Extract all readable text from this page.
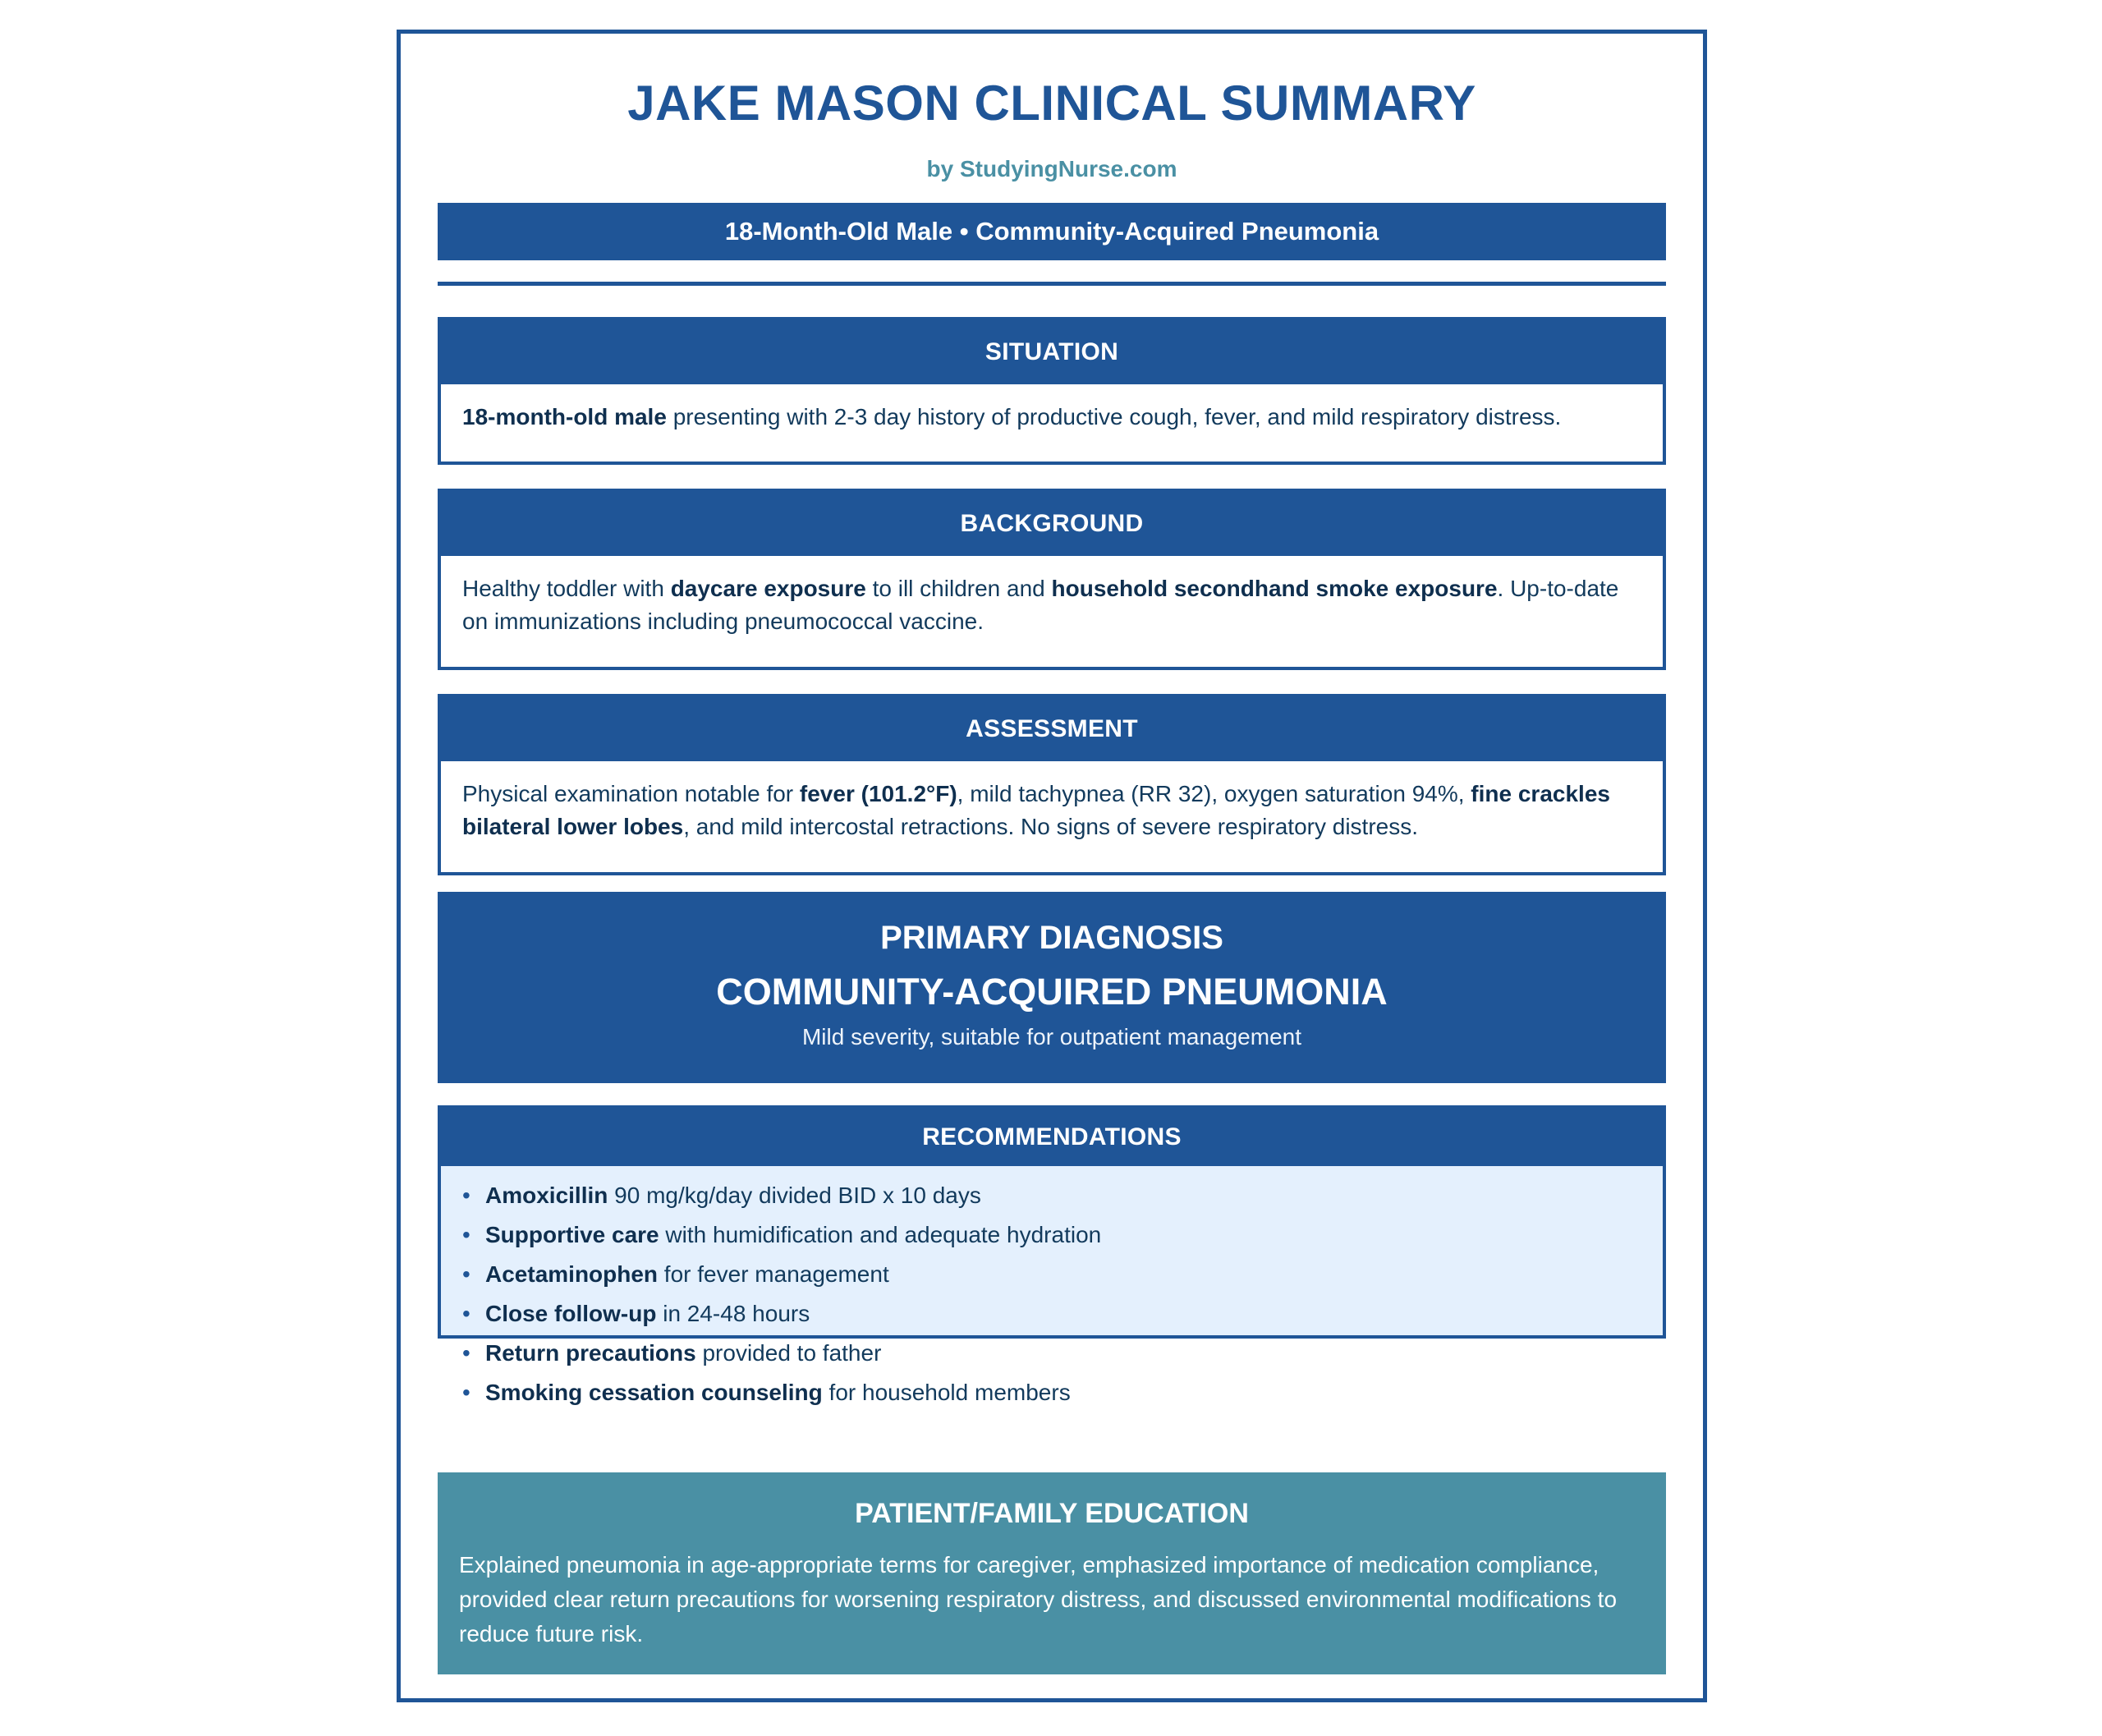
JAKE MASON CLINICAL SUMMARY
by StudyingNurse.com
18-Month-Old Male • Community-Acquired Pneumonia
SITUATION
18-month-old male presenting with 2-3 day history of productive cough, fever, and mild respiratory distress.
BACKGROUND
Healthy toddler with daycare exposure to ill children and household secondhand smoke exposure. Up-to-date on immunizations including pneumococcal vaccine.
ASSESSMENT
Physical examination notable for fever (101.2°F), mild tachypnea (RR 32), oxygen saturation 94%, fine crackles bilateral lower lobes, and mild intercostal retractions. No signs of severe respiratory distress.
PRIMARY DIAGNOSIS
COMMUNITY-ACQUIRED PNEUMONIA
Mild severity, suitable for outpatient management
RECOMMENDATIONS
• Amoxicillin 90 mg/kg/day divided BID x 10 days
• Supportive care with humidification and adequate hydration
• Acetaminophen for fever management
• Close follow-up in 24-48 hours
• Return precautions provided to father
• Smoking cessation counseling for household members
PATIENT/FAMILY EDUCATION
Explained pneumonia in age-appropriate terms for caregiver, emphasized importance of medication compliance, provided clear return precautions for worsening respiratory distress, and discussed environmental modifications to reduce future risk.
